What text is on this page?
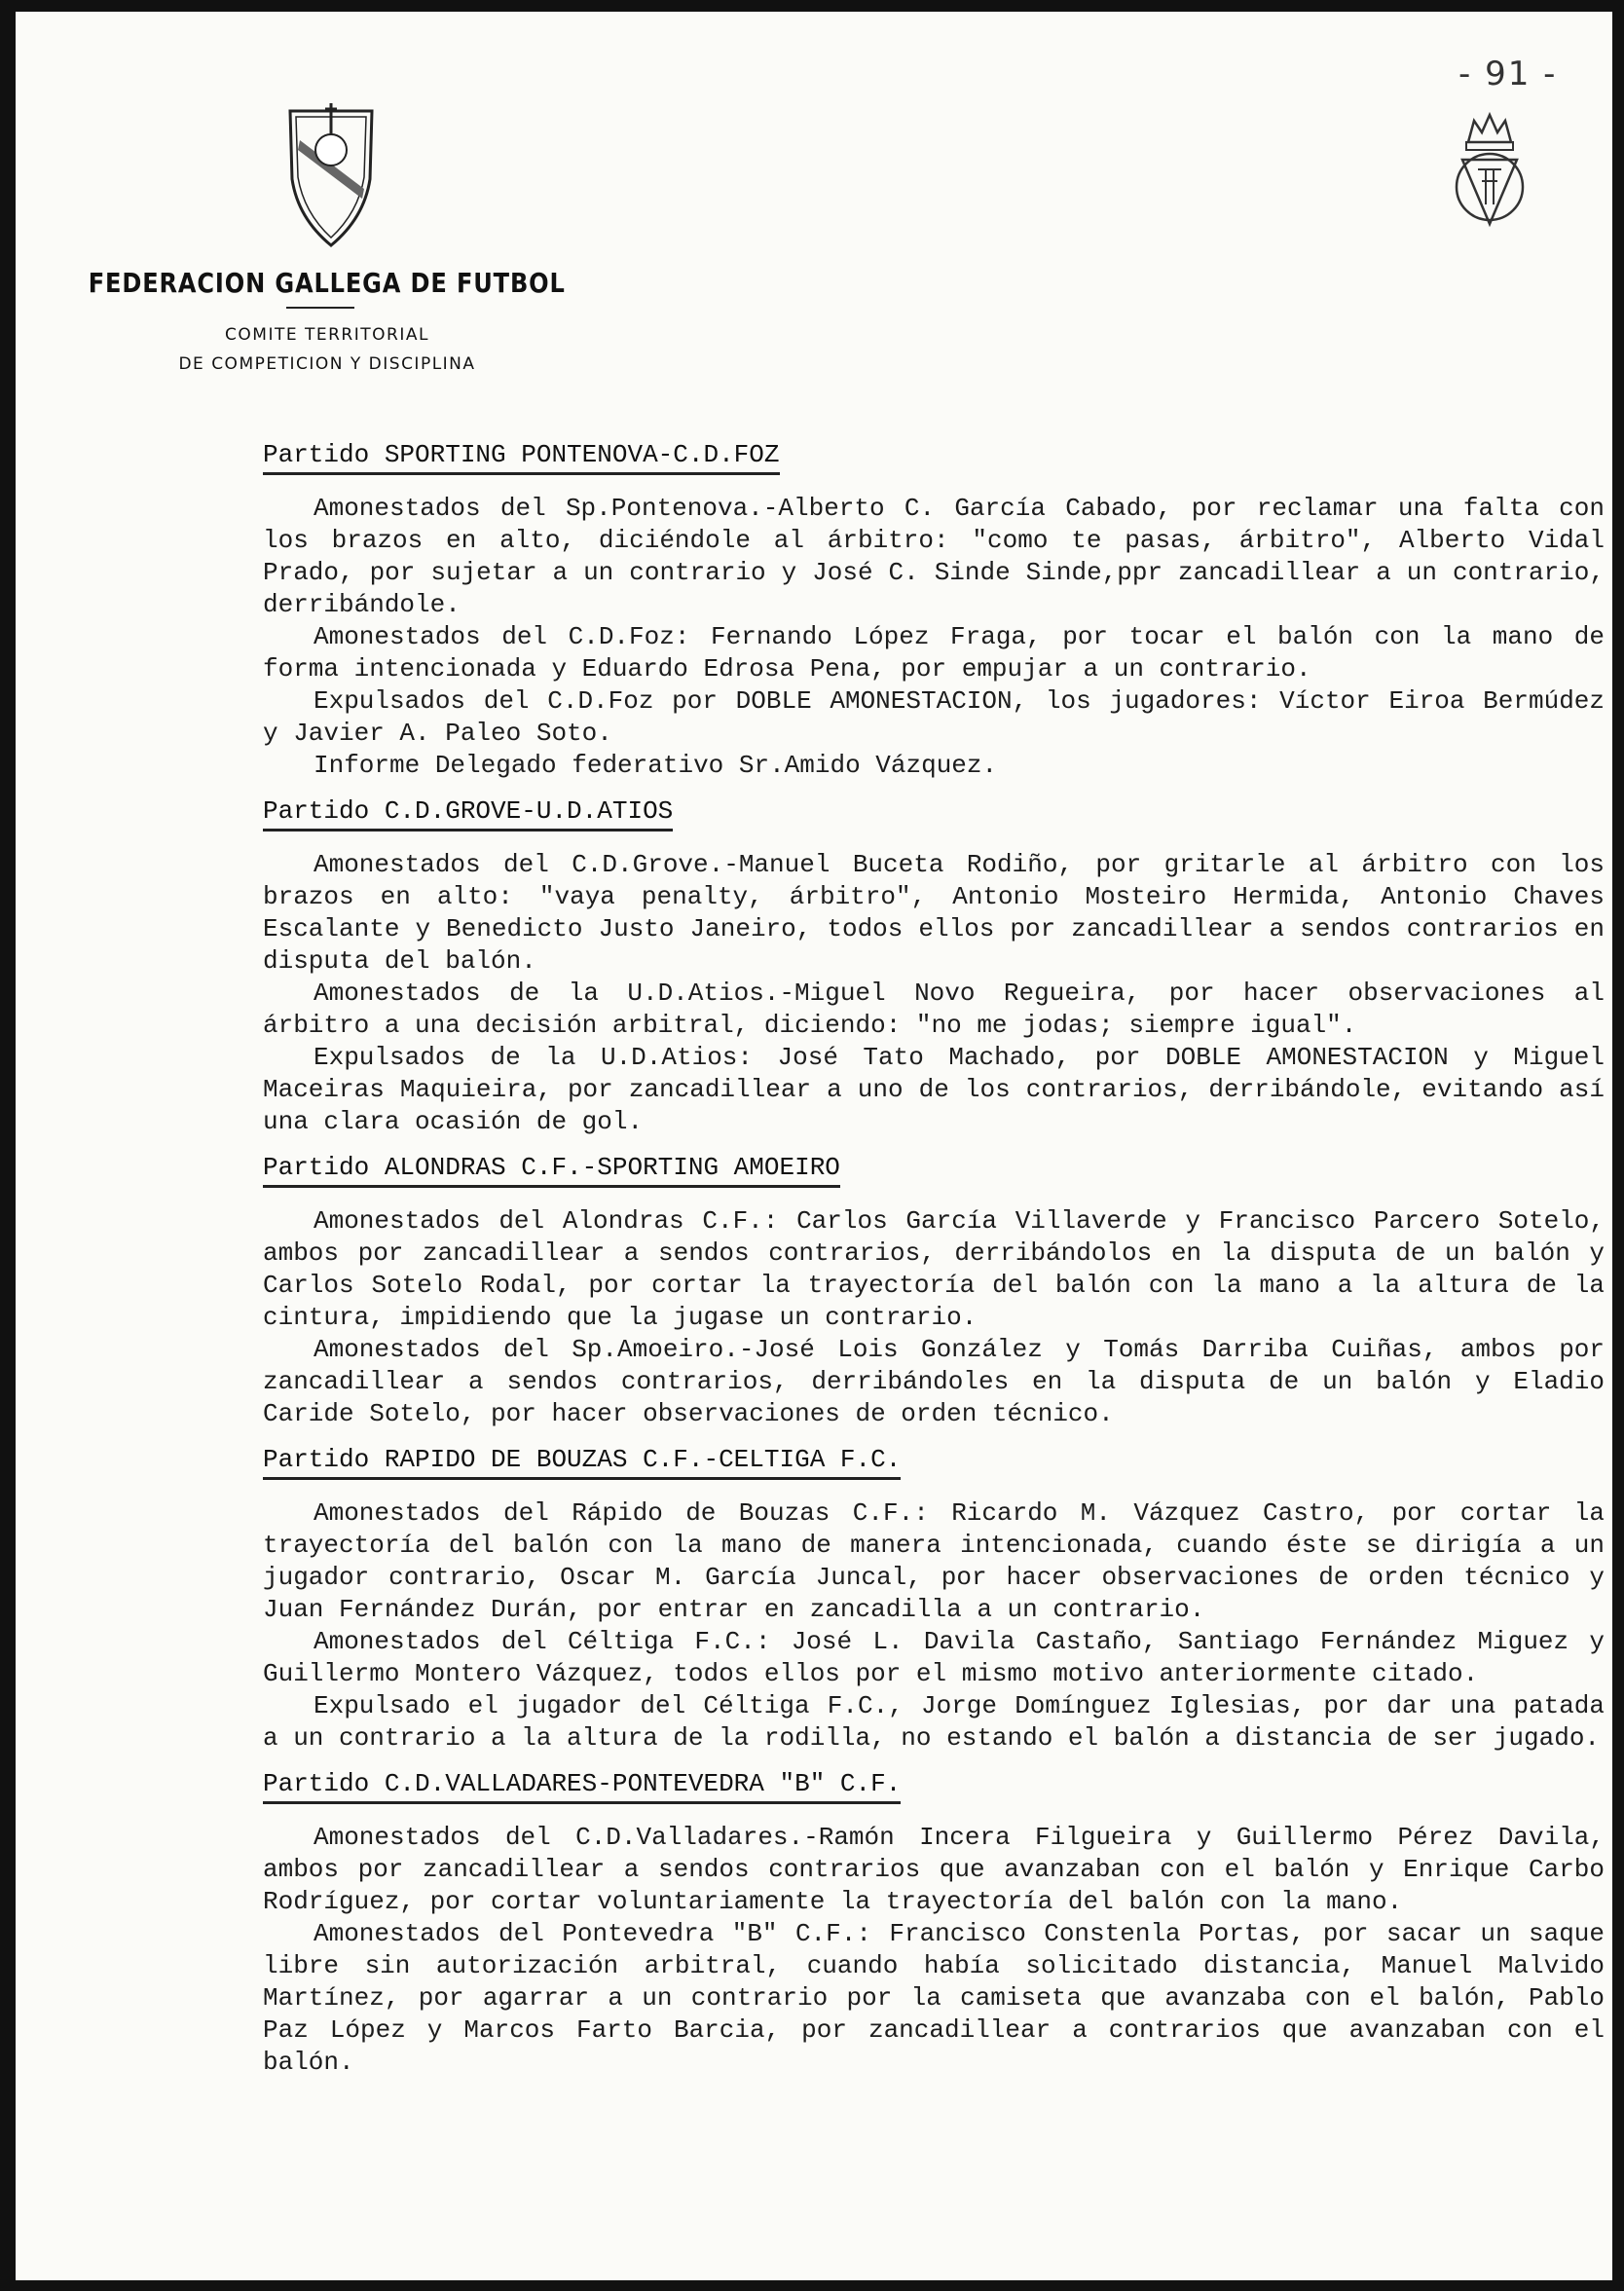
- 91 -
FEDERACION GALLEGA DE FUTBOL
COMITE TERRITORIAL
DE COMPETICION Y DISCIPLINA
Partido SPORTING PONTENOVA-C.D.FOZ

Amonestados del Sp.Pontenova.-Alberto C. García Cabado, por reclamar una falta con los brazos en alto, diciéndole al árbitro: "como te pasas, árbitro", Alberto Vidal Prado, por sujetar a un contrario y José C. Sinde Sinde,ppr zancadillear a un contrario, derribándole.

Amonestados del C.D.Foz: Fernando López Fraga, por tocar el balón con la mano de forma intencionada y Eduardo Edrosa Pena, por empujar a un contrario.

Expulsados del C.D.Foz por DOBLE AMONESTACION, los jugadores: Víctor Eiroa Bermúdez y Javier A. Paleo Soto.

Informe Delegado federativo Sr.Amido Vázquez.

Partido C.D.GROVE-U.D.ATIOS

Amonestados del C.D.Grove.-Manuel Buceta Rodiño, por gritarle al árbitro con los brazos en alto: "vaya penalty, árbitro", Antonio Mosteiro Hermida, Antonio Chaves Escalante y Benedicto Justo Janeiro, todos ellos por zancadillear a sendos contrarios en disputa del balón.

Amonestados de la U.D.Atios.-Miguel Novo Regueira, por hacer observaciones al árbitro a una decisión arbitral, diciendo: "no me jodas; siempre igual".

Expulsados de la U.D.Atios: José Tato Machado, por DOBLE AMONESTACION y Miguel Maceiras Maquieira, por zancadillear a uno de los contrarios, derribándole, evitando así una clara ocasión de gol.

Partido ALONDRAS C.F.-SPORTING AMOEIRO

Amonestados del Alondras C.F.: Carlos García Villaverde y Francisco Parcero Sotelo, ambos por zancadillear a sendos contrarios, derribándolos en la disputa de un balón y Carlos Sotelo Rodal, por cortar la trayectoría del balón con la mano a la altura de la cintura, impidiendo que la jugase un contrario.

Amonestados del Sp.Amoeiro.-José Lois González y Tomás Darriba Cuiñas, ambos por zancadillear a sendos contrarios, derribándoles en la disputa de un balón y Eladio Caride Sotelo, por hacer observaciones de orden técnico.

Partido RAPIDO DE BOUZAS C.F.-CELTIGA F.C.

Amonestados del Rápido de Bouzas C.F.: Ricardo M. Vázquez Castro, por cortar la trayectoría del balón con la mano de manera intencionada, cuando éste se dirigía a un jugador contrario, Oscar M. García Juncal, por hacer observaciones de orden técnico y Juan Fernández Durán, por entrar en zancadilla a un contrario.

Amonestados del Céltiga F.C.: José L. Davila Castaño, Santiago Fernández Miguez y Guillermo Montero Vázquez, todos ellos por el mismo motivo anteriormente citado.

Expulsado el jugador del Céltiga F.C., Jorge Domínguez Iglesias, por dar una patada a un contrario a la altura de la rodilla, no estando el balón a distancia de ser jugado.

Partido C.D.VALLADARES-PONTEVEDRA "B" C.F.

Amonestados del C.D.Valladares.-Ramón Incera Filgueira y Guillermo Pérez Davila, ambos por zancadillear a sendos contrarios que avanzaban con el balón y Enrique Carbo Rodríguez, por cortar voluntariamente la trayectoría del balón con la mano.

Amonestados del Pontevedra "B" C.F.: Francisco Constenla Portas, por sacar un saque libre sin autorización arbitral, cuando había solicitado distancia, Manuel Malvido Martínez, por agarrar a un contrario por la camiseta que avanzaba con el balón, Pablo Paz López y Marcos Farto Barcia, por zancadillear a contrarios que avanzaban con el balón.
